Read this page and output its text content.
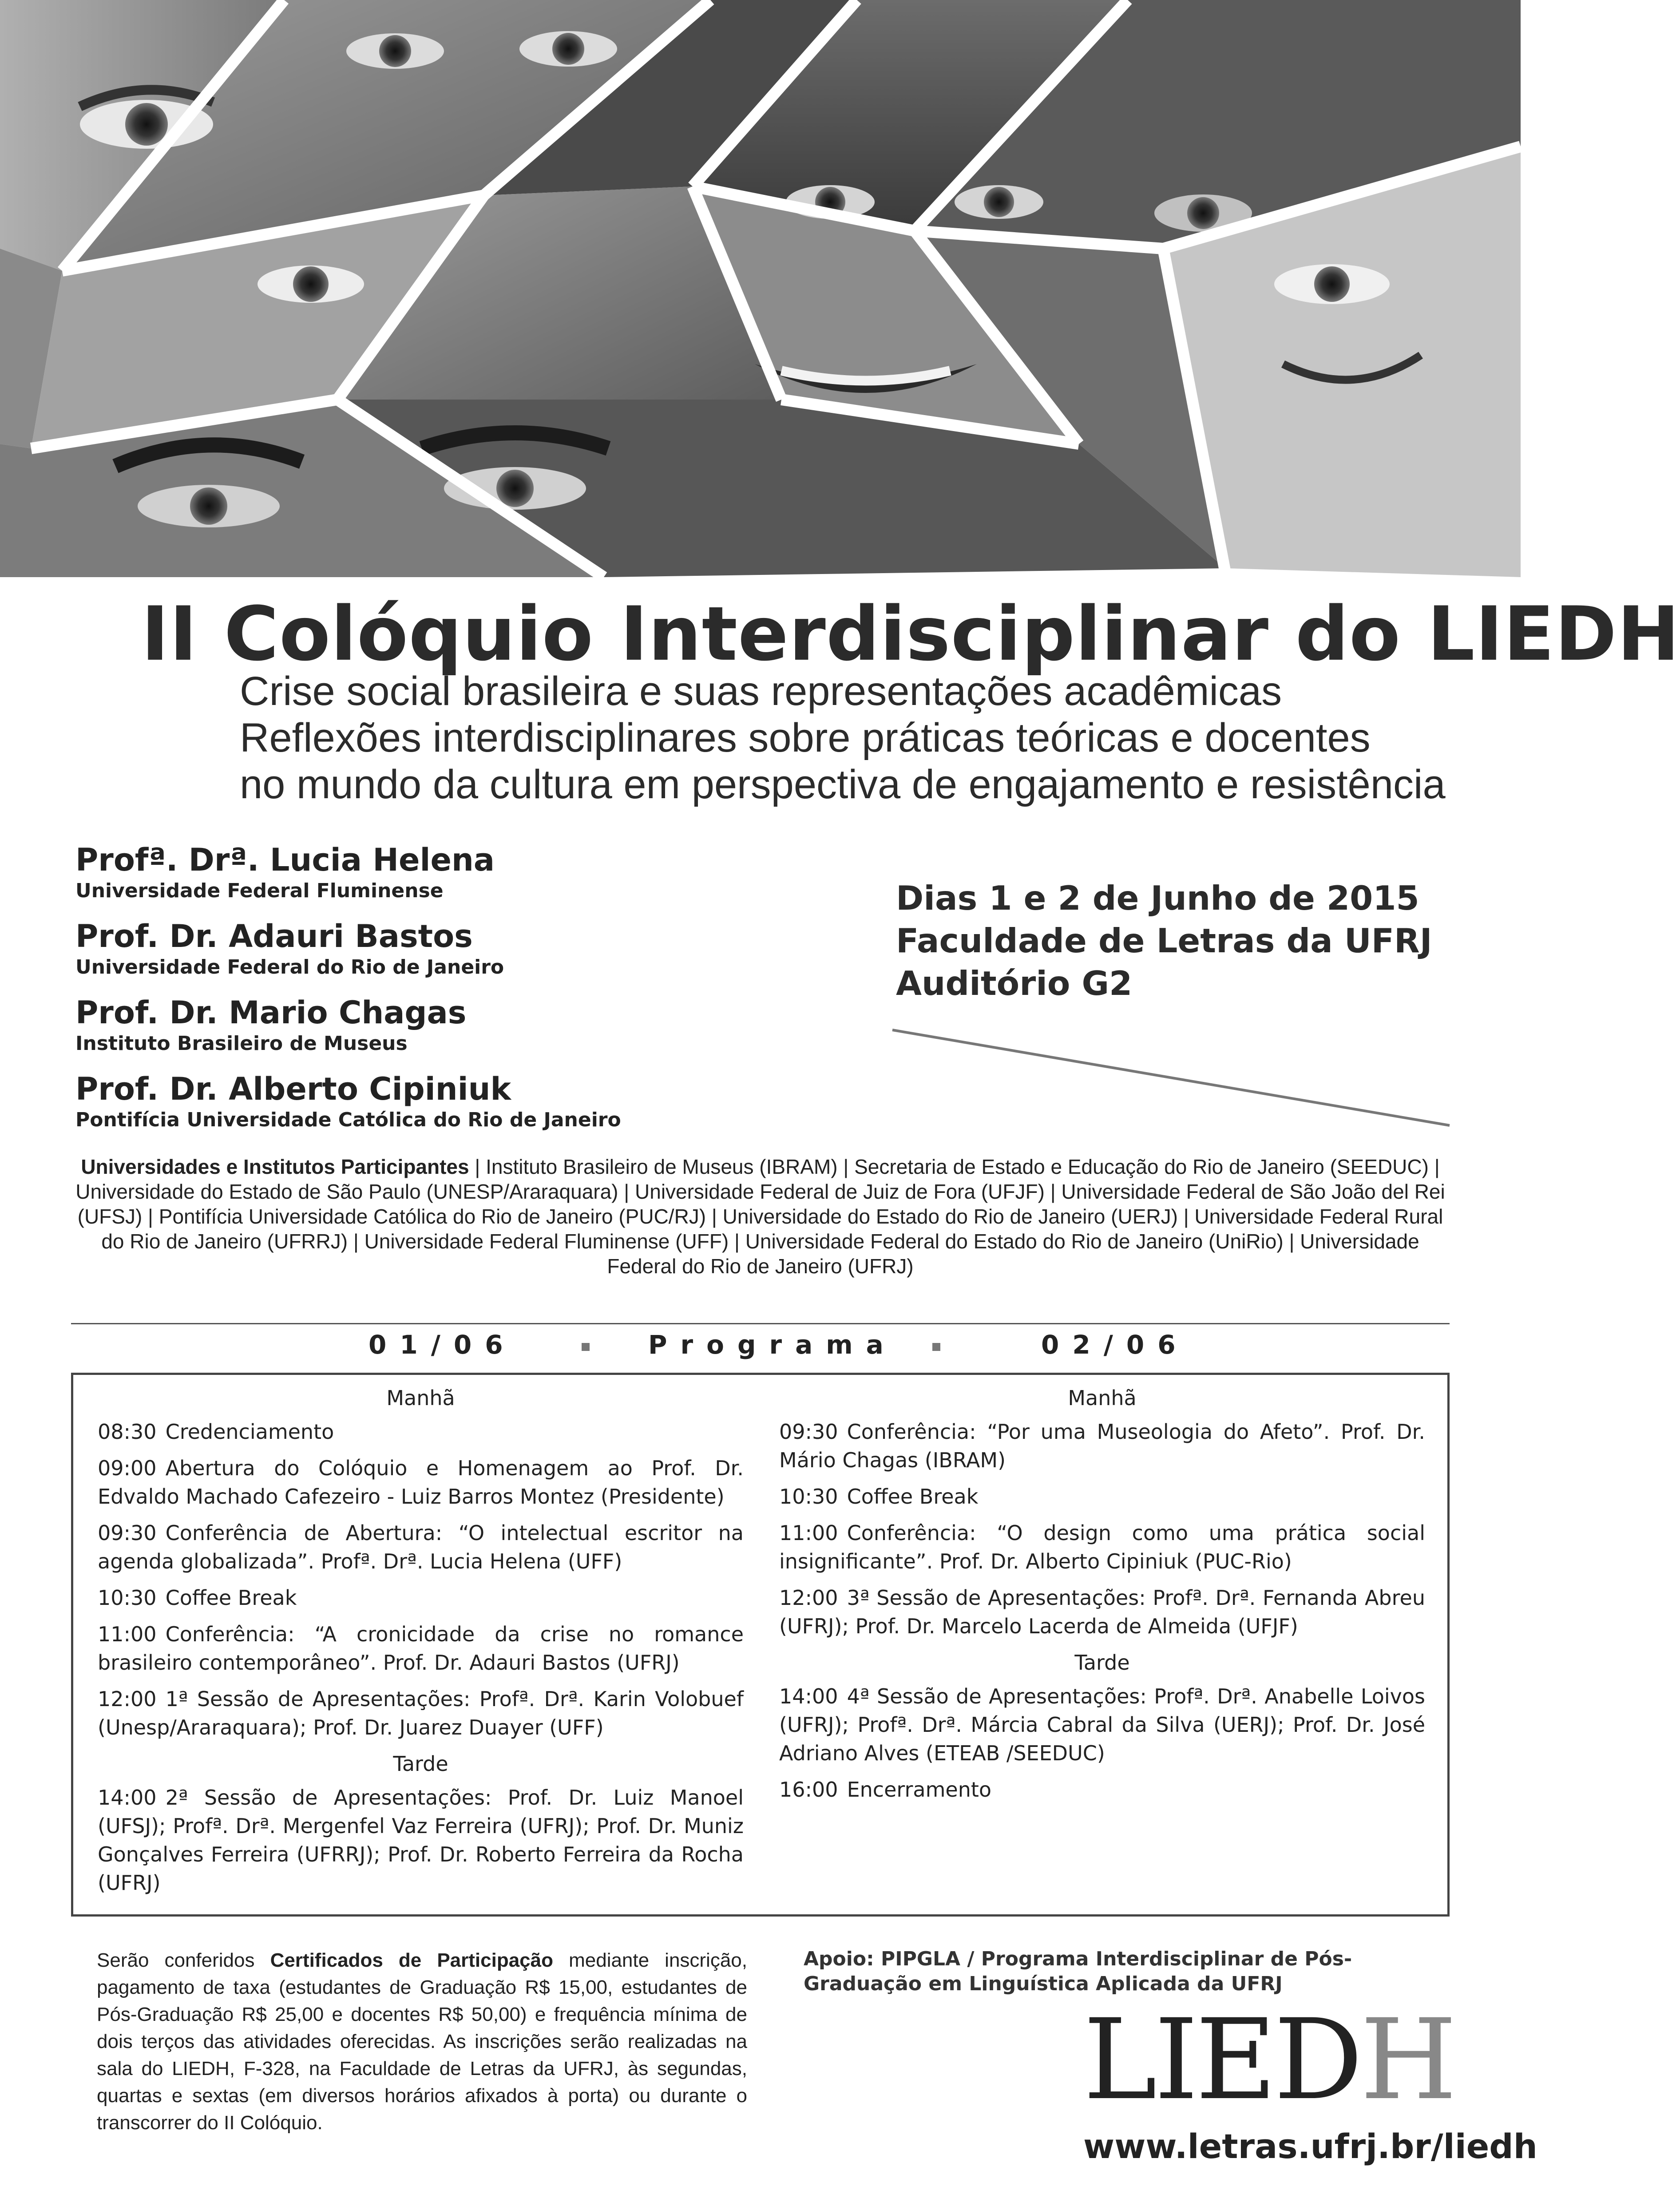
II Colóquio Interdisciplinar do LIEDH
Crise social brasileira e suas representações acadêmicas
Reflexões interdisciplinares sobre práticas teóricas e docentes
no mundo da cultura em perspectiva de engajamento e resistência
Profª. Drª. Lucia Helena
Universidade Federal Fluminense
Prof. Dr. Adauri Bastos
Universidade Federal do Rio de Janeiro
Prof. Dr. Mario Chagas
Instituto Brasileiro de Museus
Prof. Dr. Alberto Cipiniuk
Pontifícia Universidade Católica do Rio de Janeiro
Dias 1 e 2 de Junho de 2015
Faculdade de Letras da UFRJ
Auditório G2
Universidades e Institutos Participantes | Instituto Brasileiro de Museus (IBRAM) | Secretaria de Estado e Educação do Rio de Janeiro (SEEDUC) | Universidade do Estado de São Paulo (UNESP/Araraquara) | Universidade Federal de Juiz de Fora (UFJF) | Universidade Federal de São João del Rei (UFSJ) | Pontifícia Universidade Católica do Rio de Janeiro (PUC/RJ) | Universidade do Estado do Rio de Janeiro (UERJ) | Universidade Federal Rural do Rio de Janeiro (UFRRJ) | Universidade Federal Fluminense (UFF) | Universidade Federal do Estado do Rio de Janeiro (UniRio) | Universidade Federal do Rio de Janeiro (UFRJ)
01/06	Programa	02/06
Manhã
08:30 Credenciamento
09:00 Abertura do Colóquio e Homenagem ao Prof. Dr. Edvaldo Machado Cafezeiro - Luiz Barros Montez (Presidente)
09:30 Conferência de Abertura: “O intelectual escritor na agenda globalizada”. Profª. Drª. Lucia Helena (UFF)
10:30 Coffee Break
11:00 Conferência: “A cronicidade da crise no romance brasileiro contemporâneo”. Prof. Dr. Adauri Bastos (UFRJ)
12:00 1ª Sessão de Apresentações: Profª. Drª. Karin Volobuef (Unesp/Araraquara); Prof. Dr. Juarez Duayer (UFF)
Tarde
14:00 2ª Sessão de Apresentações: Prof. Dr. Luiz Manoel (UFSJ); Profª. Drª. Mergenfel Vaz Ferreira (UFRJ); Prof. Dr. Muniz Gonçalves Ferreira (UFRRJ); Prof. Dr. Roberto Ferreira da Rocha (UFRJ)
Manhã
09:30 Conferência: “Por uma Museologia do Afeto”. Prof. Dr. Mário Chagas (IBRAM)
10:30 Coffee Break
11:00 Conferência: “O design como uma prática social insignificante”. Prof. Dr. Alberto Cipiniuk (PUC-Rio)
12:00 3ª Sessão de Apresentações: Profª. Drª. Fernanda Abreu (UFRJ); Prof. Dr. Marcelo Lacerda de Almeida (UFJF)
Tarde
14:00 4ª Sessão de Apresentações: Profª. Drª. Anabelle Loivos (UFRJ); Profª. Drª. Márcia Cabral da Silva (UERJ); Prof. Dr. José Adriano Alves (ETEAB /SEEDUC)
16:00 Encerramento
Serão conferidos Certificados de Participação mediante inscrição, pagamento de taxa (estudantes de Graduação R$ 15,00, estudantes de Pós-Graduação R$ 25,00 e docentes R$ 50,00) e frequência mínima de dois terços das atividades oferecidas. As inscrições serão realizadas na sala do LIEDH, F-328, na Faculdade de Letras da UFRJ, às segundas, quartas e sextas (em diversos horários afixados à porta) ou durante o transcorrer do II Colóquio.
Apoio: PIPGLA / Programa Interdisciplinar de Pós-Graduação em Linguística Aplicada da UFRJ
LIEDH
www.letras.ufrj.br/liedh
